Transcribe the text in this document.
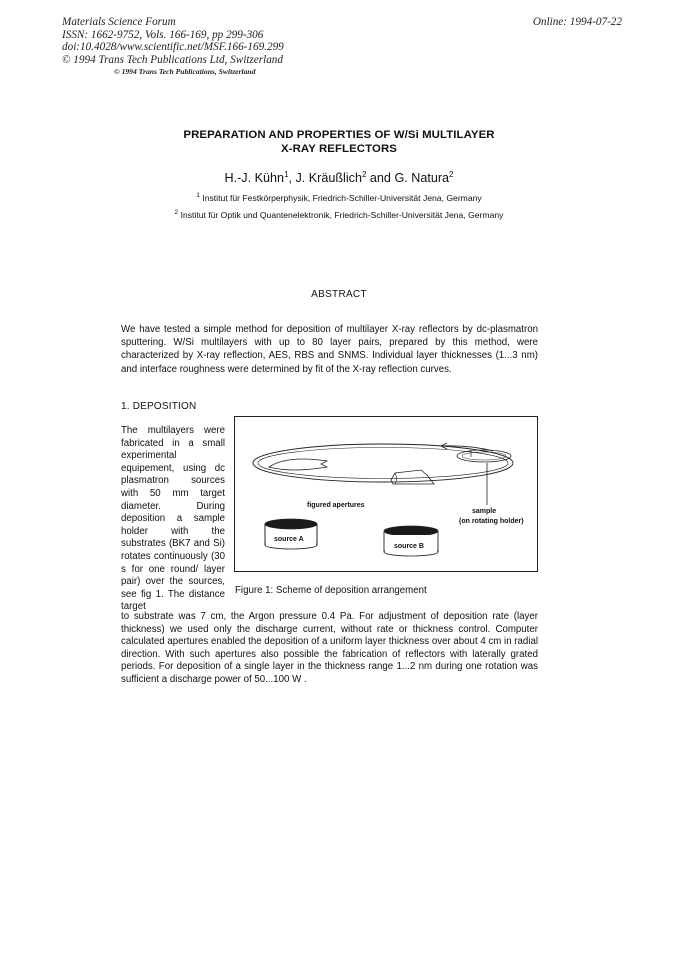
Materials Science Forum
ISSN: 1662-9752, Vols. 166-169, pp 299-306
doi:10.4028/www.scientific.net/MSF.166-169.299
© 1994 Trans Tech Publications Ltd, Switzerland
Online: 1994-07-22
© 1994 Trans Tech Publications, Switzerland
PREPARATION AND PROPERTIES OF W/Si MULTILAYER
X-RAY REFLECTORS
H.-J. Kühn$^1$, J. Kräußlich$^2$ and G. Natura$^2$
$^1$ Institut für Festkörperphysik, Friedrich-Schiller-Universität Jena, Germany
$^2$ Institut für Optik und Quantenelektronik, Friedrich-Schiller-Universität Jena, Germany
ABSTRACT
We have tested a simple method for deposition of multilayer X-ray reflectors by dc-plasmatron sputtering. W/Si multilayers with up to 80 layer pairs, prepared by this method, were characterized by X-ray reflection, AES, RBS and SNMS. Individual layer thicknesses (1...3 nm) and interface roughness were determined by fit of the X-ray reflection curves.
1. DEPOSITION
The multilayers were fabricated in a small experimental equipement, using dc plasmatron sources with 50 mm target diameter. During deposition a sample holder with the substrates (BK7 and Si) rotates continuously (30 s for one round/ layer pair) over the sources, see fig 1. The distance target
figured apertures
sample
(on rotating holder)
source A
source B
Figure 1: Scheme of deposition arrangement
to substrate was 7 cm, the Argon pressure 0.4 Pa. For adjustment of deposition rate (layer thickness) we used only the discharge current, without rate or thickness control. Computer calculated apertures enabled the deposition of a uniform layer thickness over about 4 cm in radial direction. With such apertures also possible the fabrication of reflectors with laterally grated periods. For deposition of a single layer in the thickness range 1...2 nm during one rotation was sufficient a discharge power of 50...100 W .
